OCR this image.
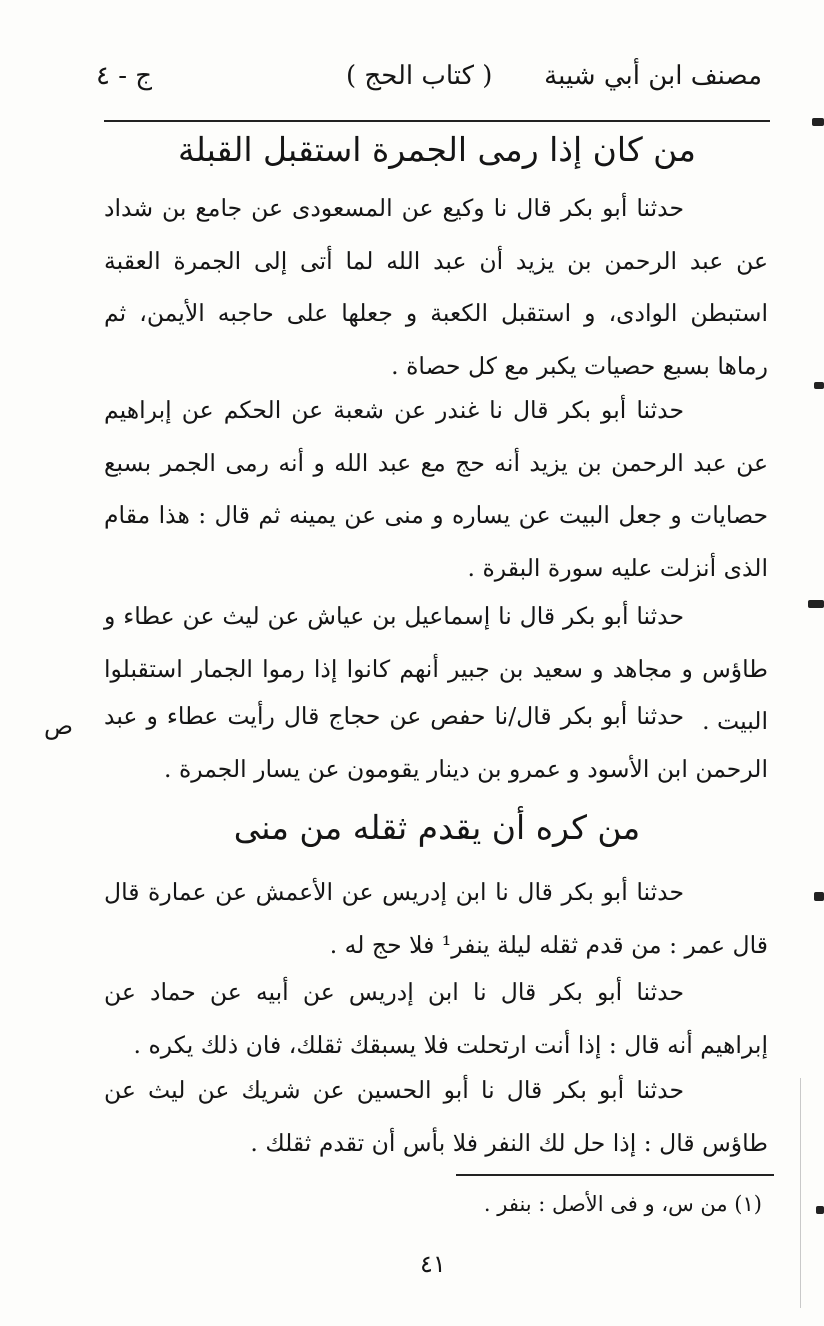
مصنف ابن أبي شيبة
( كتاب الحج )
ج - ٤
من كان إذا رمى الجمرة استقبل القبلة
حدثنا أبو بكر قال نا وكيع عن المسعودى عن جامع بن شداد عن عبد الرحمن بن يزيد أن عبد الله لما أتى إلى الجمرة العقبة استبطن الوادى، و استقبل الكعبة و جعلها على حاجبه الأيمن، ثم رماها بسبع حصيات يكبر مع كل حصاة .
حدثنا أبو بكر قال نا غندر عن شعبة عن الحكم عن إبراهيم عن عبد الرحمن بن يزيد أنه حج مع عبد الله و أنه رمى الجمر بسبع حصايات و جعل البيت عن يساره و منى عن يمينه ثم قال : هذا مقام الذى أنزلت عليه سورة البقرة .
حدثنا أبو بكر قال نا إسماعيل بن عياش عن ليث عن عطاء و طاؤس و مجاهد و سعيد بن جبير أنهم كانوا إذا رموا الجمار استقبلوا البيت .
حدثنا أبو بكر قال/نا حفص عن حجاج قال رأيت عطاء و عبد الرحمن ابن الأسود و عمرو بن دينار يقومون عن يسار الجمرة .
ص
من كره أن يقدم ثقله من منى
حدثنا أبو بكر قال نا ابن إدريس عن الأعمش عن عمارة قال قال عمر : من قدم ثقله ليلة ينفر¹ فلا حج له .
حدثنا أبو بكر قال نا ابن إدريس عن أبيه عن حماد عن إبراهيم أنه قال : إذا أنت ارتحلت فلا يسبقك ثقلك، فان ذلك يكره .
حدثنا أبو بكر قال نا أبو الحسين عن شريك عن ليث عن طاؤس قال : إذا حل لك النفر فلا بأس أن تقدم ثقلك .
(١) من س، و فى الأصل : بنفر .
٤١
